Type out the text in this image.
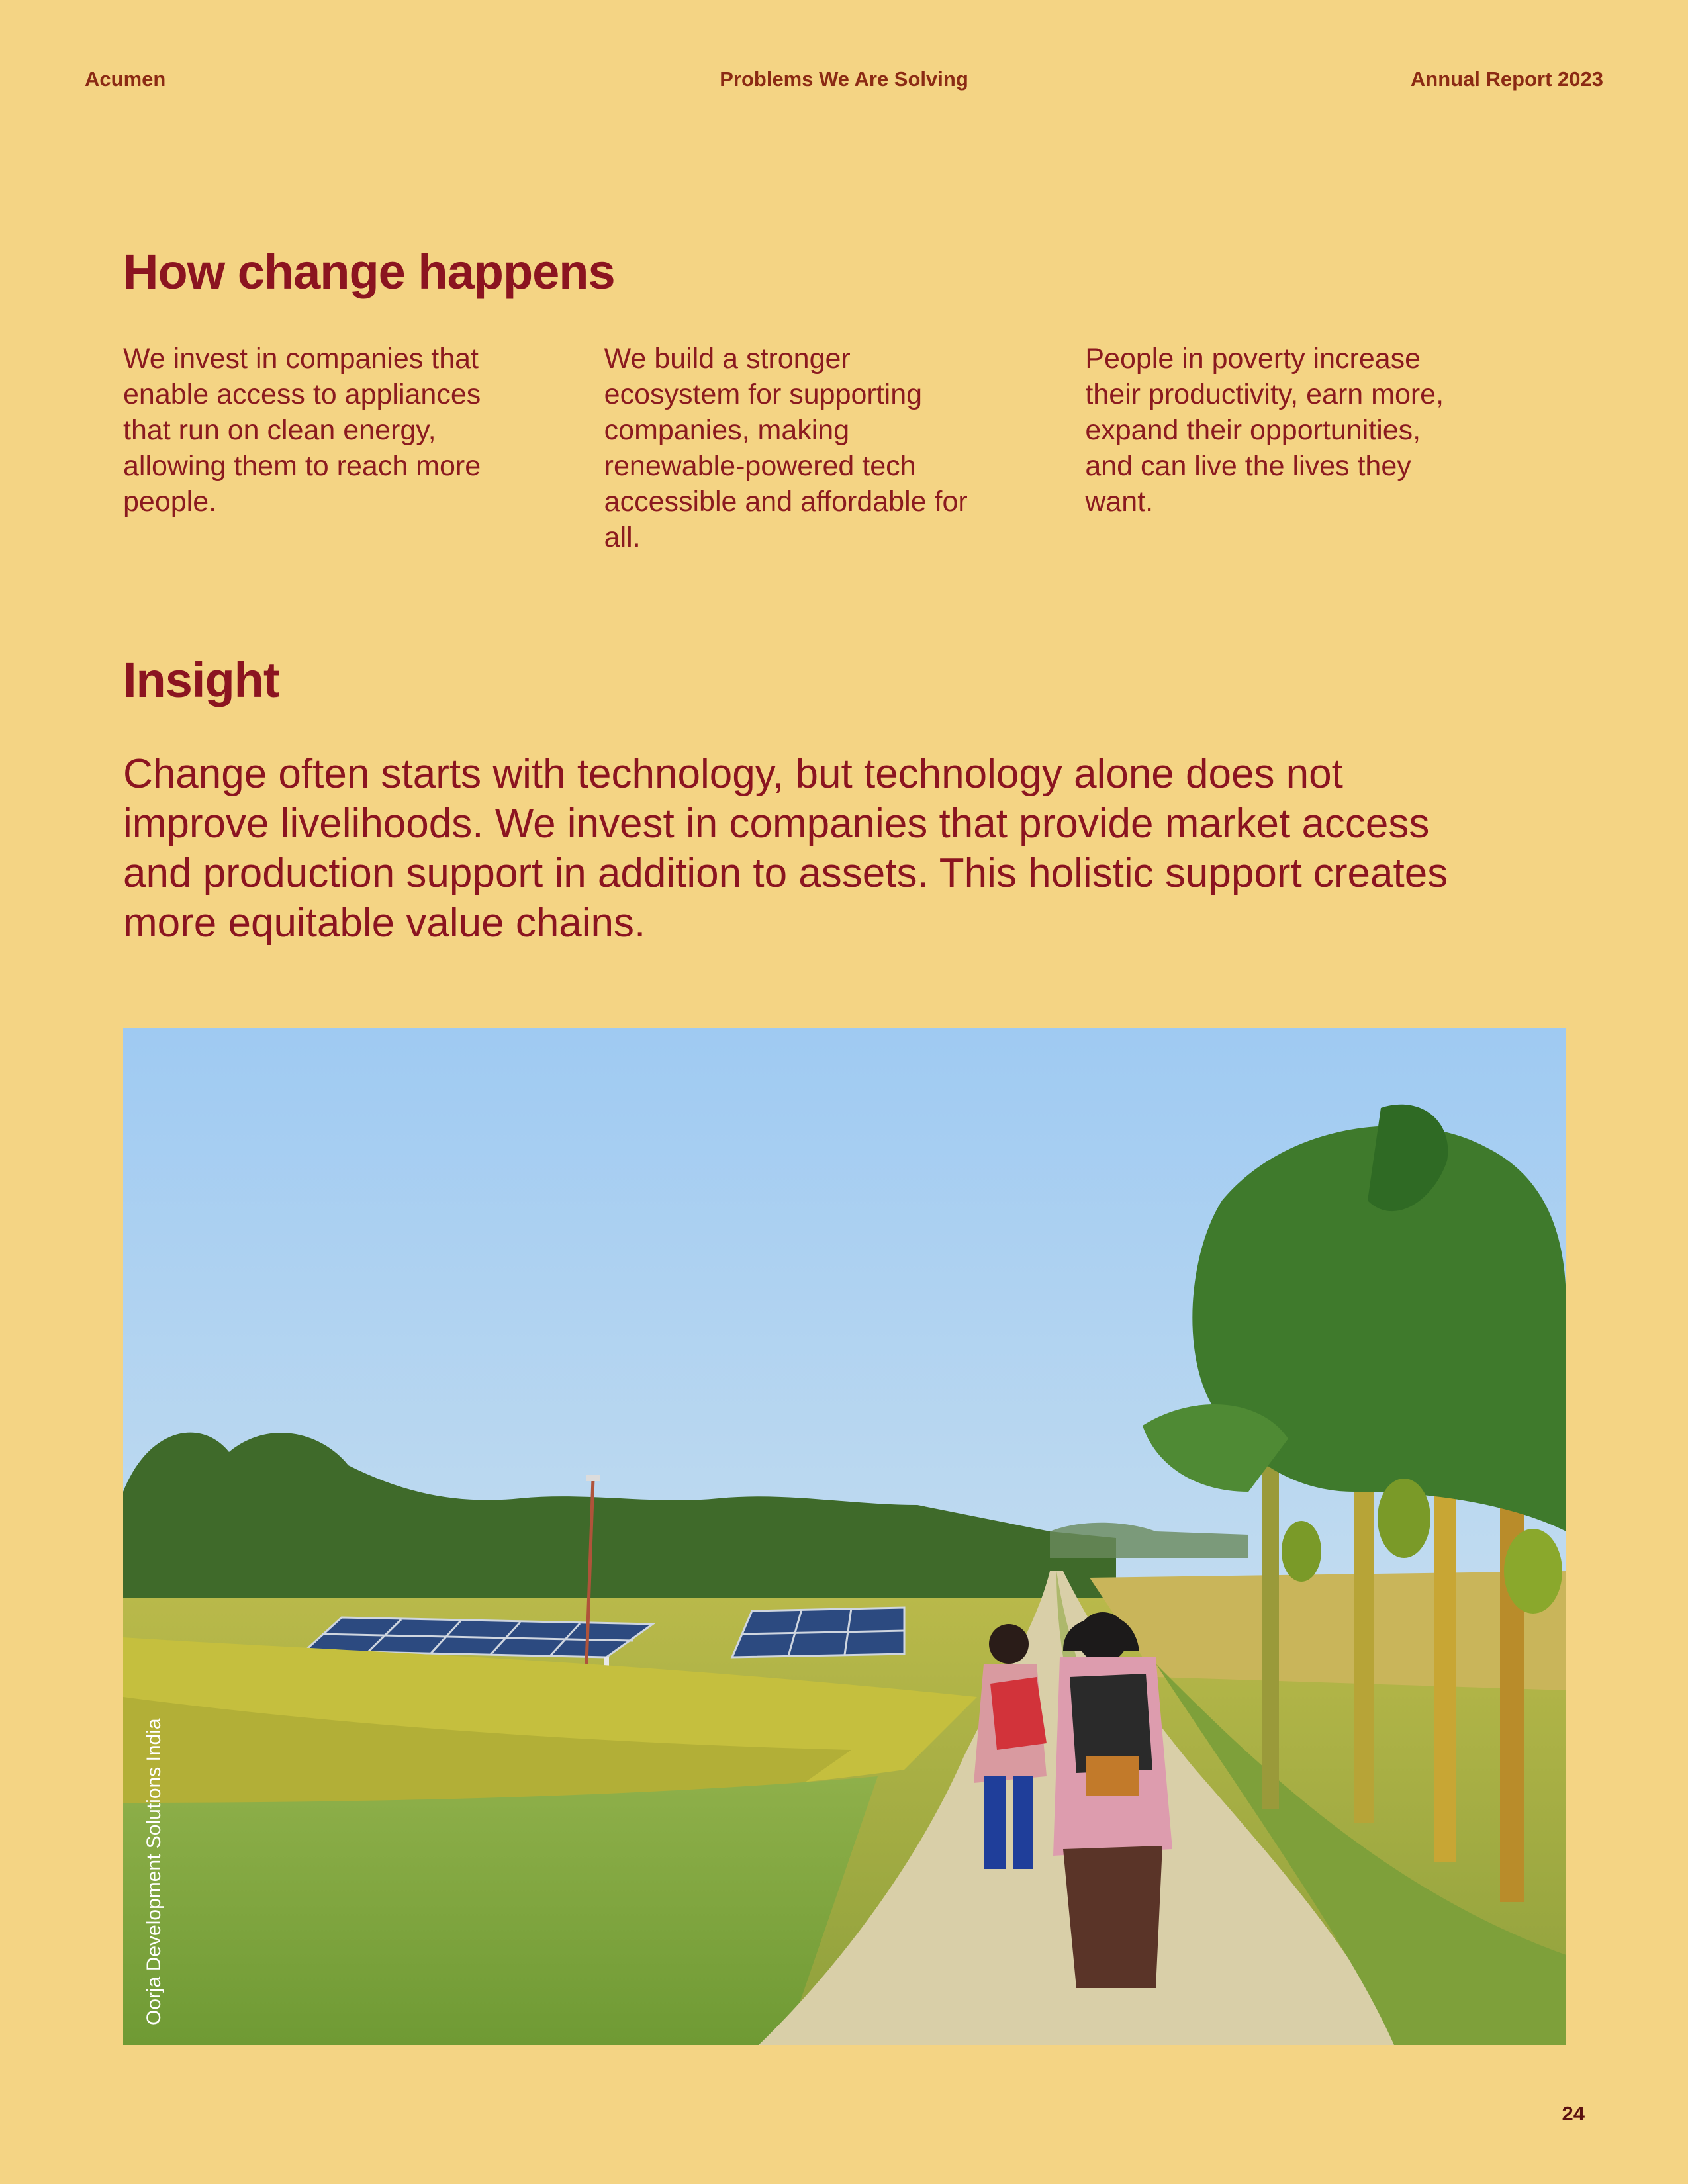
Acumen	Problems We Are Solving	Annual Report 2023
How change happens
We invest in companies that enable access to appliances that run on clean energy, allowing them to reach more people.
We build a stronger ecosystem for supporting companies, making renewable-powered tech accessible and affordable for all.
People in poverty increase their productivity, earn more, expand their opportunities, and can live the lives they want.
Insight

Change often starts with technology, but technology alone does not improve livelihoods. We invest in companies that provide market access and production support in addition to assets. This holistic support creates more equitable value chains.

Oorja Development Solutions India
24
